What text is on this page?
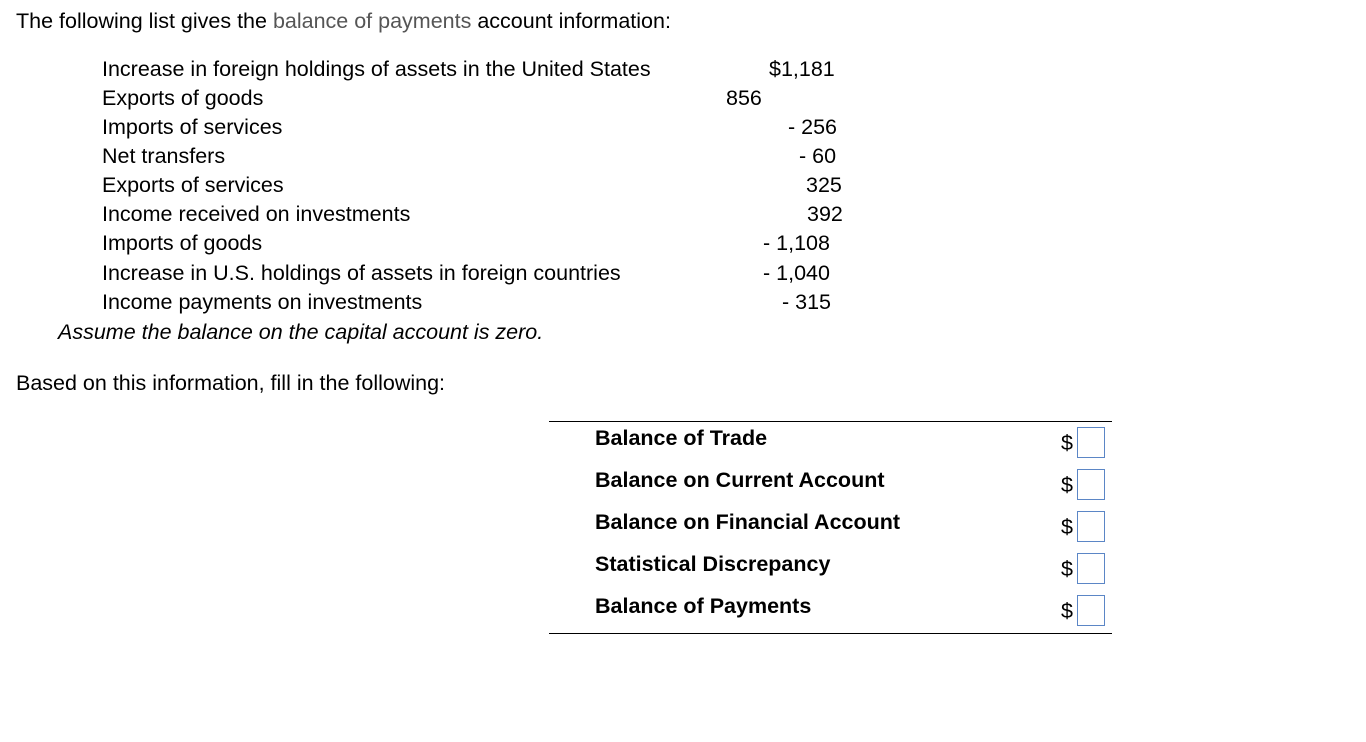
The following list gives the balance of payments account information:
Increase in foreign holdings of assets in the United States	$1,181
Exports of goods	856
Imports of services	- 256
Net transfers	- 60
Exports of services	325
Income received on investments	392
Imports of goods	- 1,108
Increase in U.S. holdings of assets in foreign countries	- 1,040
Income payments on investments	- 315
Assume the balance on the capital account is zero.
Based on this information, fill in the following:
Balance of Trade	$
Balance on Current Account	$
Balance on Financial Account	$
Statistical Discrepancy	$
Balance of Payments	$
